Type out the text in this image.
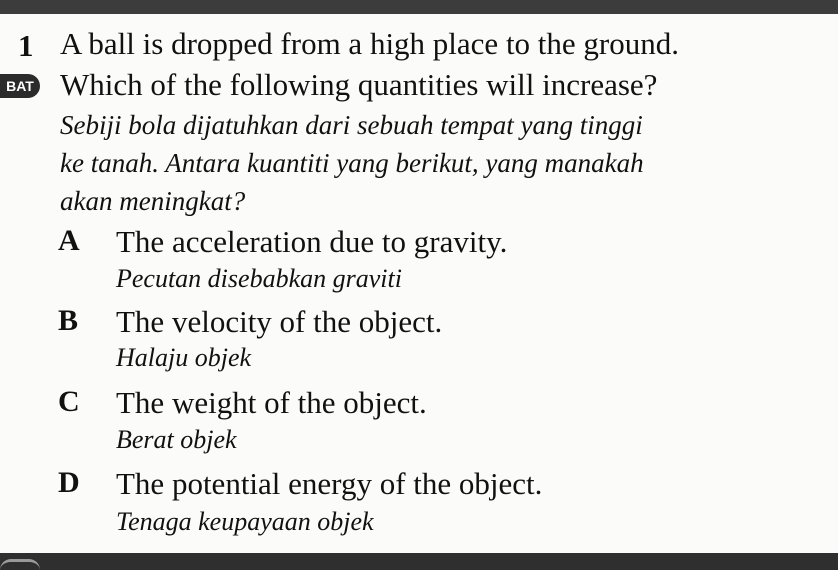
1
BAT
A ball is dropped from a high place to the ground.
Which of the following quantities will increase?
Sebiji bola dijatuhkan dari sebuah tempat yang tinggi
ke tanah. Antara kuantiti yang berikut, yang manakah
akan meningkat?
A The acceleration due to gravity.
Pecutan disebabkan graviti
B The velocity of the object.
Halaju objek
C The weight of the object.
Berat objek
D The potential energy of the object.
Tenaga keupayaan objek
